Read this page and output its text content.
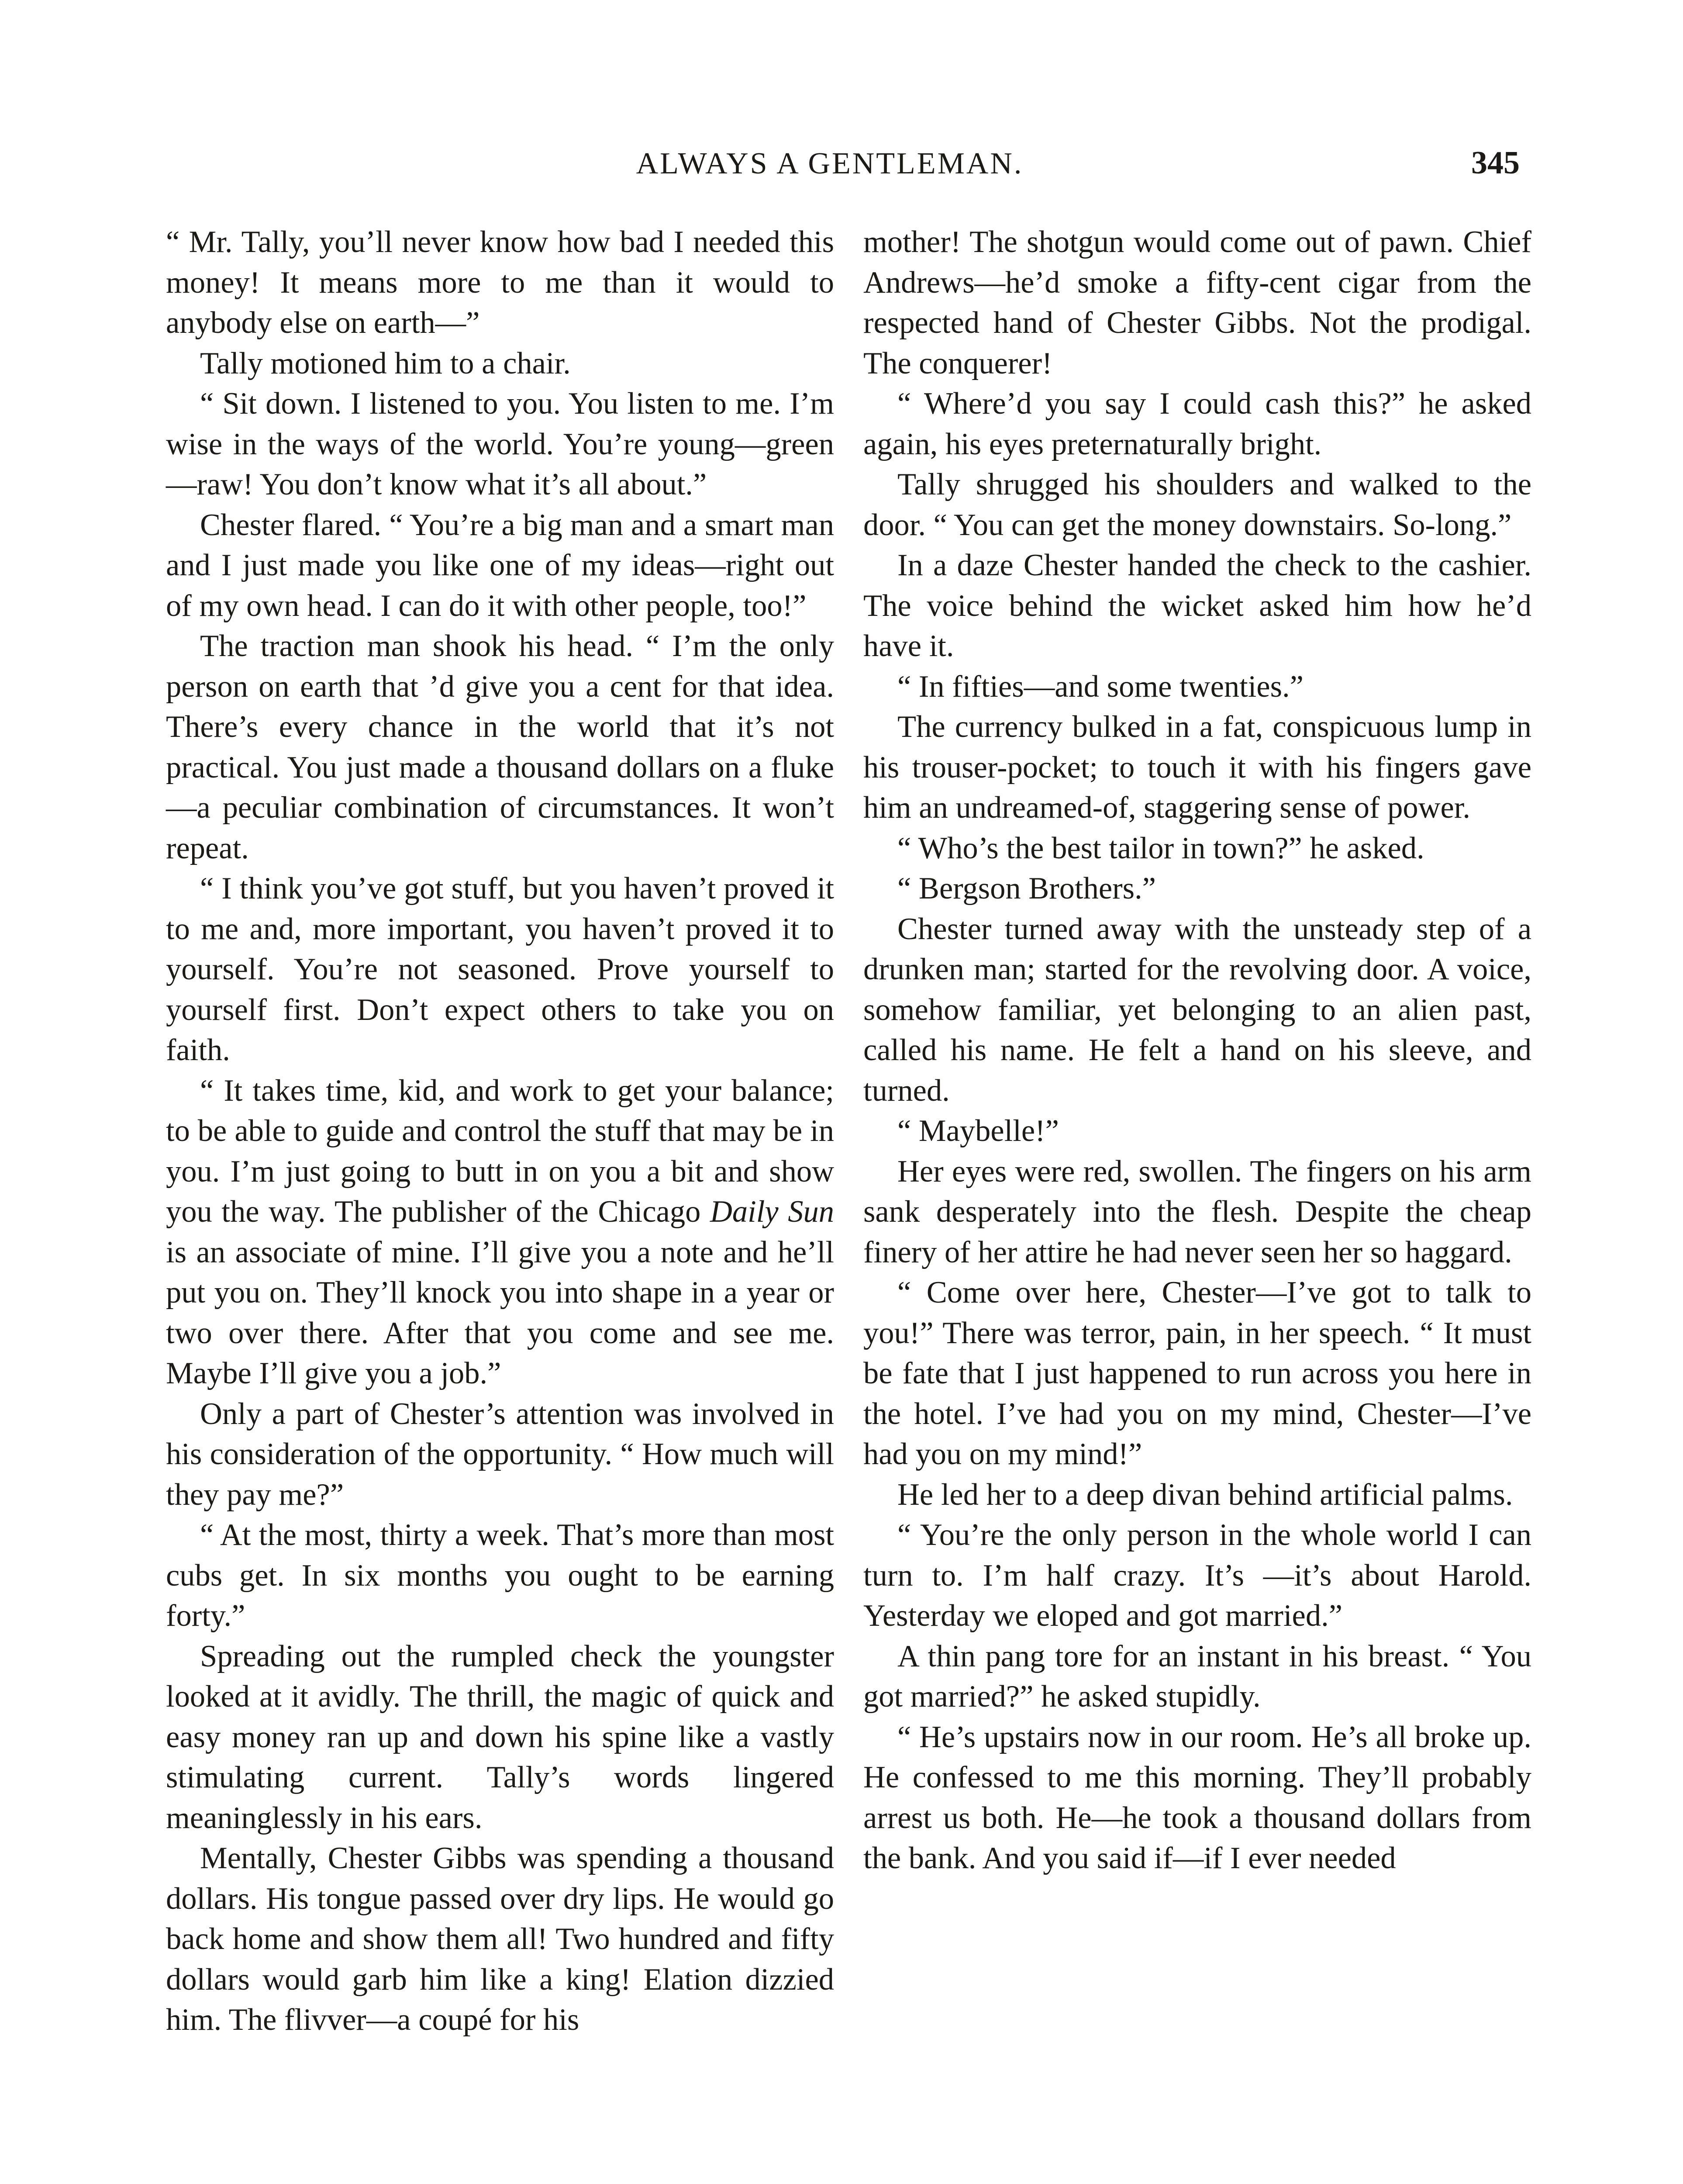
ALWAYS A GENTLEMAN.	345

“ Mr. Tally, you’ll never know how bad I needed this money! It means more to me than it would to anybody else on earth—”

Tally motioned him to a chair.

“ Sit down. I listened to you. You listen to me. I’m wise in the ways of the world. You’re young—green—raw! You don’t know what it’s all about.”

Chester flared. “ You’re a big man and a smart man and I just made you like one of my ideas—right out of my own head. I can do it with other people, too!”

The traction man shook his head. “ I’m the only person on earth that ’d give you a cent for that idea. There’s every chance in the world that it’s not practical. You just made a thousand dollars on a fluke—a peculiar combination of circumstances. It won’t repeat.

“ I think you’ve got stuff, but you haven’t proved it to me and, more important, you haven’t proved it to yourself. You’re not seasoned. Prove yourself to yourself first. Don’t expect others to take you on faith.

“ It takes time, kid, and work to get your balance; to be able to guide and control the stuff that may be in you. I’m just going to butt in on you a bit and show you the way. The publisher of the Chicago Daily Sun is an associate of mine. I’ll give you a note and he’ll put you on. They’ll knock you into shape in a year or two over there. After that you come and see me. Maybe I’ll give you a job.”

Only a part of Chester’s attention was involved in his consideration of the opportunity. “ How much will they pay me?”

“ At the most, thirty a week. That’s more than most cubs get. In six months you ought to be earning forty.”

Spreading out the rumpled check the youngster looked at it avidly. The thrill, the magic of quick and easy money ran up and down his spine like a vastly stimulating current. Tally’s words lingered meaninglessly in his ears.

Mentally, Chester Gibbs was spending a thousand dollars. His tongue passed over dry lips. He would go back home and show them all! Two hundred and fifty dollars would garb him like a king! Elation dizzied him. The flivver—a coupé for his

mother! The shotgun would come out of pawn. Chief Andrews—he’d smoke a fifty-cent cigar from the respected hand of Chester Gibbs. Not the prodigal. The conquerer!

“ Where’d you say I could cash this?” he asked again, his eyes preternaturally bright.

Tally shrugged his shoulders and walked to the door. “ You can get the money downstairs. So-long.”

In a daze Chester handed the check to the cashier. The voice behind the wicket asked him how he’d have it.

“ In fifties—and some twenties.”

The currency bulked in a fat, conspicuous lump in his trouser-pocket; to touch it with his fingers gave him an undreamed-of, staggering sense of power.

“ Who’s the best tailor in town?” he asked.

“ Bergson Brothers.”

Chester turned away with the unsteady step of a drunken man; started for the revolving door. A voice, somehow familiar, yet belonging to an alien past, called his name. He felt a hand on his sleeve, and turned.

“ Maybelle!”

Her eyes were red, swollen. The fingers on his arm sank desperately into the flesh. Despite the cheap finery of her attire he had never seen her so haggard.

“ Come over here, Chester—I’ve got to talk to you!” There was terror, pain, in her speech. “ It must be fate that I just happened to run across you here in the hotel. I’ve had you on my mind, Chester—I’ve had you on my mind!”

He led her to a deep divan behind artificial palms.

“ You’re the only person in the whole world I can turn to. I’m half crazy. It’s —it’s about Harold. Yesterday we eloped and got married.”

A thin pang tore for an instant in his breast. “ You got married?” he asked stupidly.

“ He’s upstairs now in our room. He’s all broke up. He confessed to me this morning. They’ll probably arrest us both. He—he took a thousand dollars from the bank. And you said if—if I ever needed
